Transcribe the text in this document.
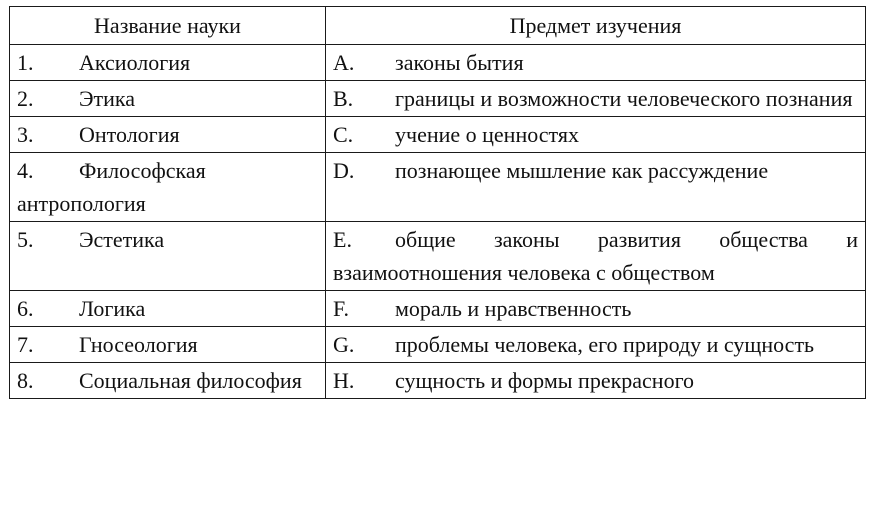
Название науки	Предмет изучения
1. Аксиология	A. законы бытия
2. Этика	B. границы и возможности человеческого познания
3. Онтология	C. учение о ценностях
4. Философская антропология	D. познающее мышление как рассуждение
5. Эстетика	E. общие законы развития общества и взаимоотношения человека с обществом
6. Логика	F. мораль и нравственность
7. Гносеология	G. проблемы человека, его природу и сущность
8. Социальная философия	H. сущность и формы прекрасного
